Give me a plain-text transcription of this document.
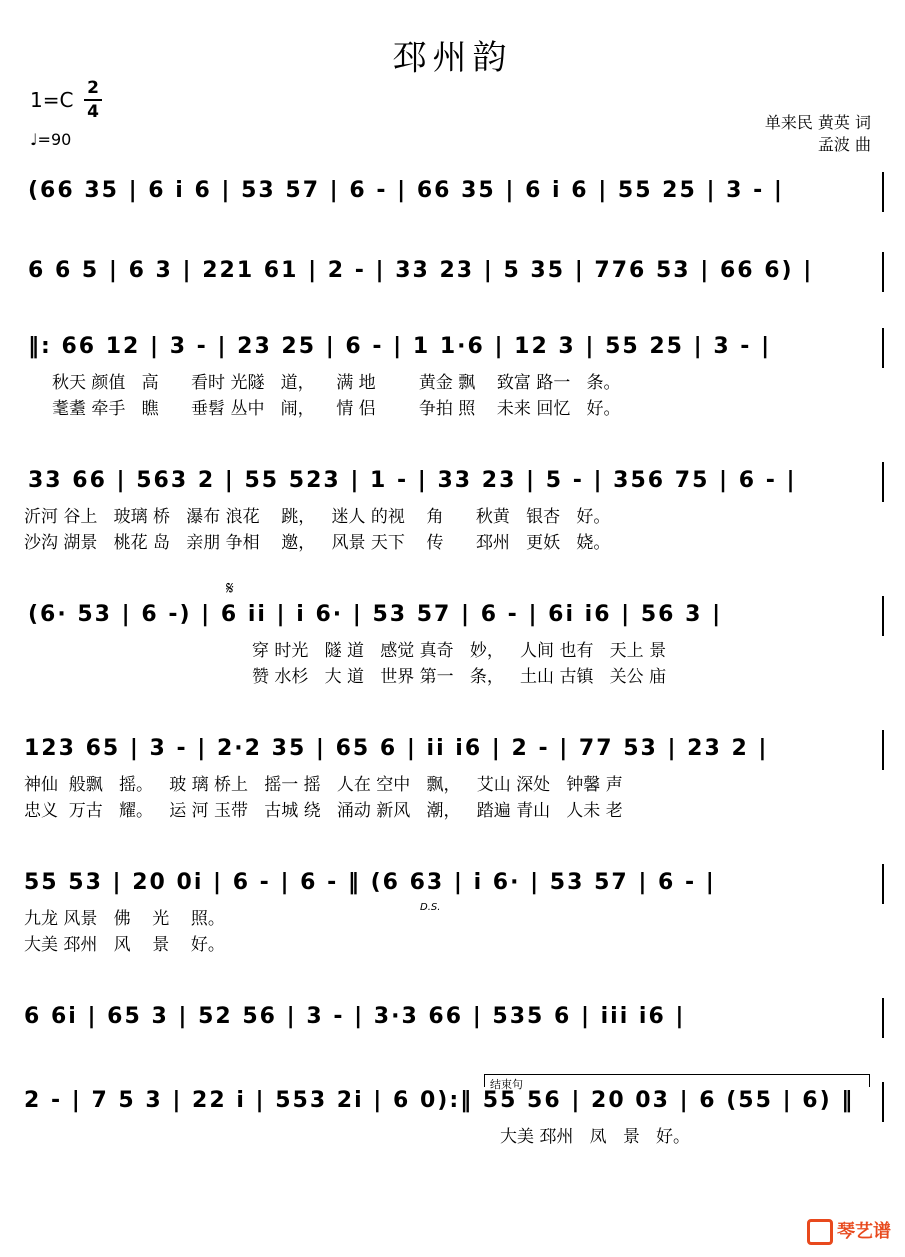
邳州韵
1=C 2
4
♩=90
单来民 黄英 词
孟波 曲
(66 35 | 6 i 6 | 53 57 | 6 - | 66 35 | 6 i 6 | 55 25 | 3 - |
6 6 5 | 6 3 | 221 61 | 2 - | 33 23 | 5 35 | 776 53 | 66 6) |
‖: 66 12 | 3 - | 23 25 | 6 - | 1 1·6 | 12 3 | 55 25 | 3 - |
秋天 颜值   高      看时 光隧   道，    满 地        黄金 飘    致富 路一   条。
耄耋 牵手   瞧      垂髫 丛中   闹，    情 侣        争拍 照    未来 回忆   好。
33 66 | 563 2 | 55 523 | 1 - | 33 23 | 5 - | 356 75 | 6 - |
沂河 谷上   玻璃 桥   瀑布 浪花    跳，   迷人 的视    角      秋黄   银杏   好。
沙沟 湖景   桃花 岛   亲朋 争相    邀，   风景 天下    传      邳州   更妖   娆。
𝄋
(6· 53 | 6 -) | 6 ii | i 6· | 53 57 | 6 - | 6i i6 | 56 3 |
穿 时光   隧 道   感觉 真奇   妙，   人间 也有   天上 景
赞 水杉   大 道   世界 第一   条，   土山 古镇   关公 庙
123 65 | 3 - | 2·2 35 | 65 6 | ii i6 | 2 - | 77 53 | 23 2 |
神仙  般飘   摇。   玻 璃 桥上   摇一 摇   人在 空中   飘，   艾山 深处   钟馨 声
忠义  万古   耀。   运 河 玉带   古城 绕   涌动 新风   潮，   踏遍 青山   人未 老
55 53 | 20 0i | 6 - | 6 - ‖ (6 63 | i 6· | 53 57 | 6 - |
D.S.
九龙 风景   佛    光    照。
大美 邳州   风    景    好。
6 6i | 65 3 | 52 56 | 3 - | 3·3 66 | 535 6 | iii i6 |
结束句
2 - | 7 5 3 | 22 i | 553 2i | 6 0):‖ 55 56 | 20 03 | 6 (55 | 6) ‖
大美 邳州   凤   景   好。
琴艺谱
